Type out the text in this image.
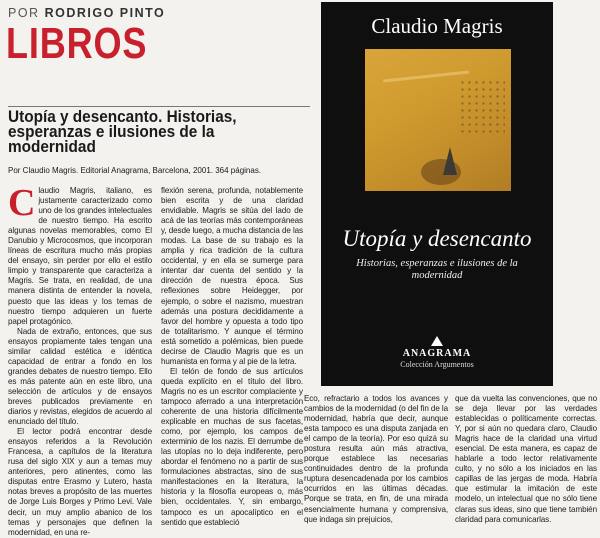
POR RODRIGO PINTO
LIBROS
Utopía y desencanto. Historias, esperanzas e ilusiones de la modernidad
Por Claudio Magris. Editorial Anagrama, Barcelona, 2001. 364 páginas.

Claudio Magris, italiano, es justamente caracterizado como uno de los grandes intelectuales de nuestro tiempo. Ha escrito algunas novelas memorables, como El Danubio y Microcosmos, que incorporan líneas de escritura mucho más propias del ensayo, sin perder por ello el estilo limpio y transparente que caracteriza a Magris. Se trata, en realidad, de una manera distinta de entender la novela, puesto que las ideas y los temas de nuestro tiempo adquieren un fuerte papel protagónico.

Nada de extraño, entonces, que sus ensayos propiamente tales tengan una similar calidad estética e idéntica capacidad de entrar a fondo en los grandes debates de nuestro tiempo. Ello es más patente aún en este libro, una selección de artículos y de ensayos breves publicados previamente en diarios y revistas, elegidos de acuerdo al enunciado del título.

El lector podrá encontrar desde ensayos referidos a la Revolución Francesa, a capítulos de la literatura rusa del siglo XIX y aun a temas muy anteriores, pero atinentes, como las disputas entre Erasmo y Lutero, hasta notas breves a propósito de las muertes de Jorge Luis Borges y Primo Levi. Vale decir, un muy amplio abanico de los temas y personajes que definen la modernidad, en una re-

flexión serena, profunda, notablemente bien escrita y de una claridad envidiable. Magris se sitúa del lado de acá de las teorías más contemporáneas y, desde luego, a mucha distancia de las modas. La base de su trabajo es la amplia y rica tradición de la cultura occidental, y en ella se sumerge para intentar dar cuenta del sentido y la dirección de nuestra época. Sus reflexiones sobre Heidegger, por ejemplo, o sobre el nazismo, muestran además una postura decididamente a favor del hombre y opuesta a todo tipo de totalitarismo. Y aunque el término está sometido a polémicas, bien puede decirse de Claudio Magris que es un humanista en forma y al pie de la letra.

El telón de fondo de sus artículos queda explícito en el título del libro. Magris no es un escritor complaciente y tampoco aferrado a una interpretación coherente de una historia difícilmente explicable en muchas de sus facetas, como, por ejemplo, los campos de exterminio de los nazis. El derrumbe de las utopías no lo deja indiferente, pero abordar el fenómeno no a partir de sus formulaciones abstractas, sino de sus manifestaciones en la literatura, la historia y la filosofía europeas o, más bien, occidentales. Y, sin embargo, tampoco es un apocalíptico en el sentido que estableció

Eco, refractario a todos los avances y cambios de la modernidad (o del fin de la modernidad, habría que decir, aunque esta tampoco es una disputa zanjada en el campo de la teoría). Por eso quizá su postura resulta aún más atractiva, porque establece las necesarias continuidades dentro de la profunda ruptura desencadenada por los cambios ocurridos en las últimas décadas. Porque se trata, en fin, de una mirada esencialmente humana y comprensiva, que indaga sin prejuicios,

que da vuelta las convenciones, que no se deja llevar por las verdades establecidas o políticamente correctas. Y, por si aún no quedara claro, Claudio Magris hace de la claridad una virtud esencial. De esta manera, es capaz de hablarle a todo lector relativamente culto, y no sólo a los iniciados en las capillas de las jergas de moda. Habría que estimular la imitación de este modelo, un intelectual que no sólo tiene claras sus ideas, sino que tiene también claridad para comunicarlas.

Claudio Magris
Utopía y desencanto
Historias, esperanzas e ilusiones de la modernidad
ANAGRAMA
Colección Argumentos
